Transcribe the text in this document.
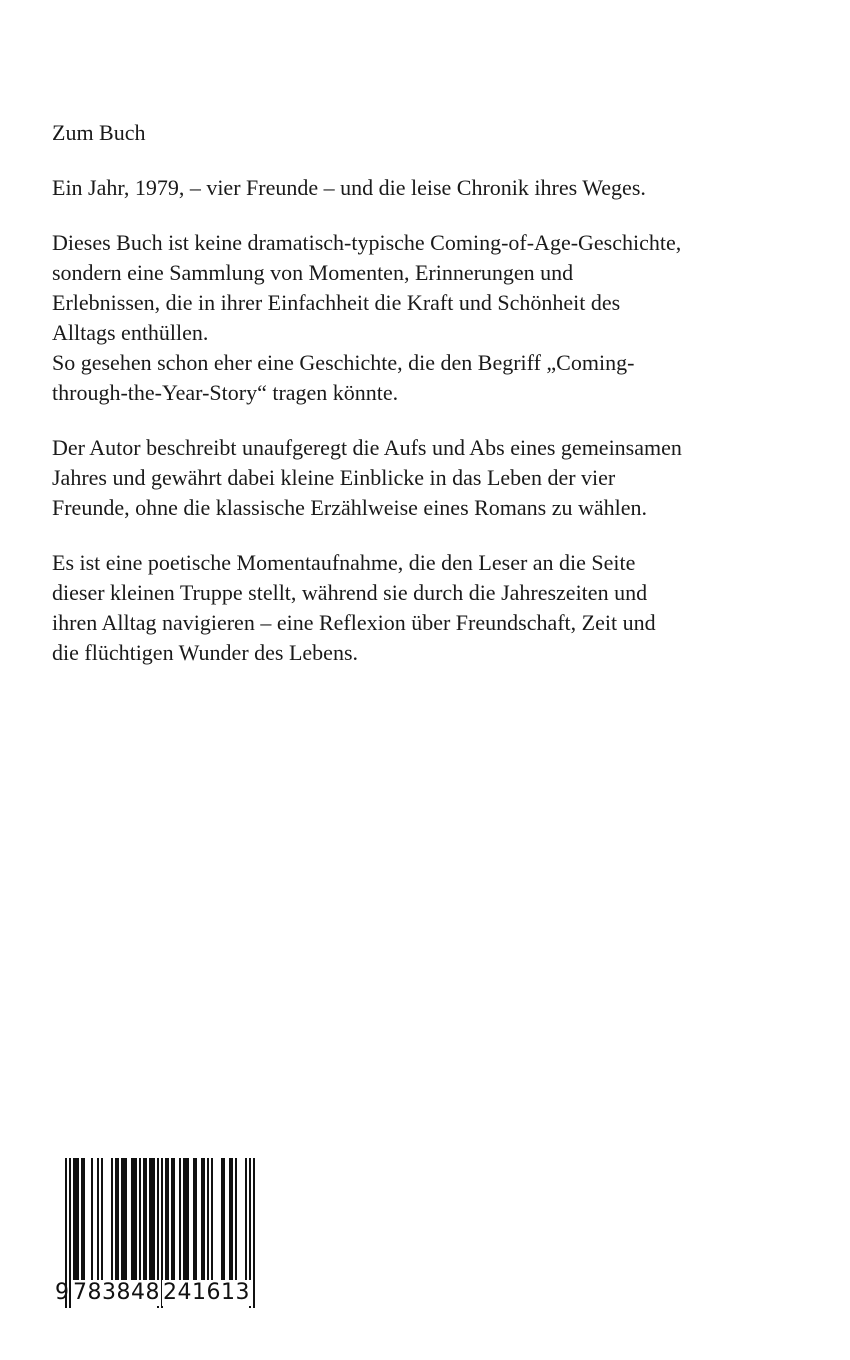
Zum Buch

Ein Jahr, 1979, – vier Freunde – und die leise Chronik ihres Weges.

Dieses Buch ist keine dramatisch-typische Coming-of-Age-Geschichte,
sondern eine Sammlung von Momenten, Erinnerungen und
Erlebnissen, die in ihrer Einfachheit die Kraft und Schönheit des
Alltags enthüllen.
So gesehen schon eher eine Geschichte, die den Begriff „Coming-
through-the-Year-Story“ tragen könnte.

Der Autor beschreibt unaufgeregt die Aufs und Abs eines gemeinsamen
Jahres und gewährt dabei kleine Einblicke in das Leben der vier
Freunde, ohne die klassische Erzählweise eines Romans zu wählen.

Es ist eine poetische Momentaufnahme, die den Leser an die Seite
dieser kleinen Truppe stellt, während sie durch die Jahreszeiten und
ihren Alltag navigieren – eine Reflexion über Freundschaft, Zeit und
die flüchtigen Wunder des Lebens.

9 783848 241613
